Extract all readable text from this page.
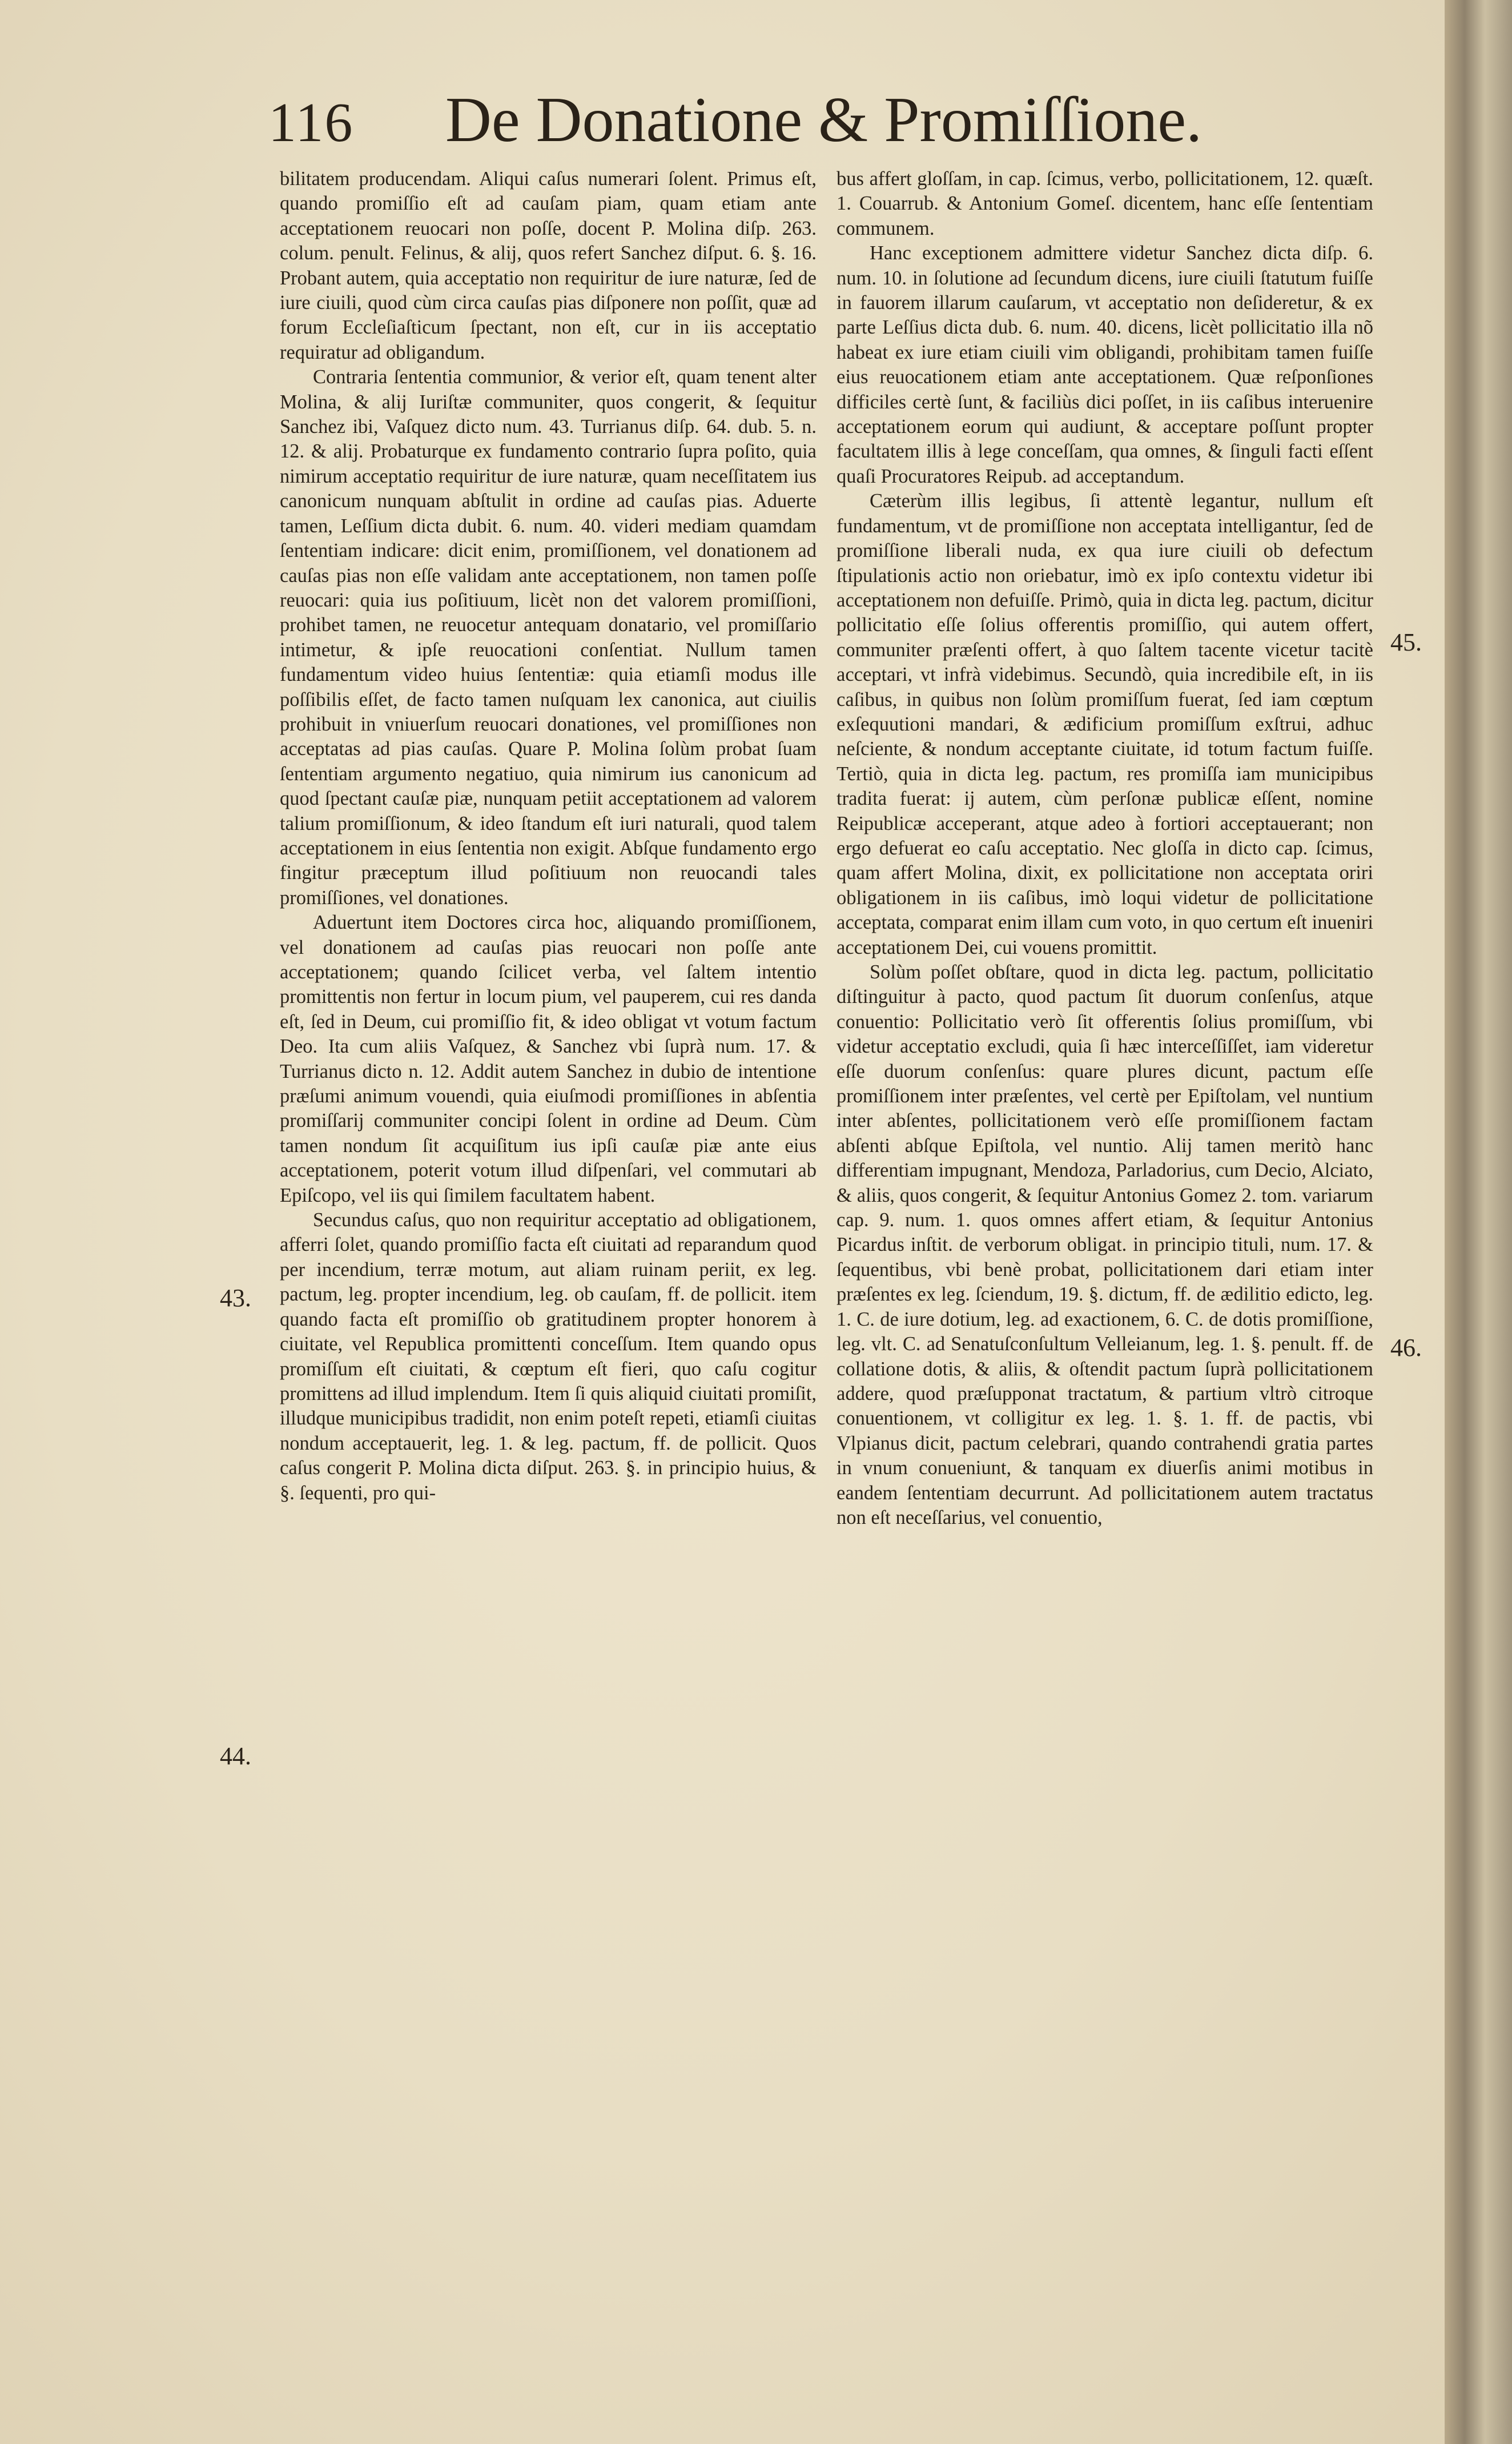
116 De Donatione & Promiſſione.

bilitatem producendam. Aliqui caſus numerari ſolent. Primus eſt, quando promiſſio eſt ad cauſam piam, quam etiam ante acceptationem reuocari non poſſe, docent P. Molina diſp. 263. colum. penult. Felinus, & alij, quos refert Sanchez diſput. 6. §. 16. Probant autem, quia acceptatio non requiritur de iure naturæ, ſed de iure ciuili, quod cùm circa cauſas pias diſponere non poſſit, quæ ad forum Eccleſiaſticum ſpectant, non eſt, cur in iis acceptatio requiratur ad obligandum.

Contraria ſententia communior, & verior eſt, quam tenent alter Molina, & alij Iuriſtæ communiter, quos congerit, & ſequitur Sanchez ibi, Vaſquez dicto num. 43. Turrianus diſp. 64. dub. 5. n. 12. & alij. Probaturque ex fundamento contrario ſupra poſito, quia nimirum acceptatio requiritur de iure naturæ, quam neceſſitatem ius canonicum nunquam abſtulit in ordine ad cauſas pias. Aduerte tamen, Leſſium dicta dubit. 6. num. 40. videri mediam quamdam ſententiam indicare: dicit enim, promiſſionem, vel donationem ad cauſas pias non eſſe validam ante acceptationem, non tamen poſſe reuocari: quia ius poſitiuum, licèt non det valorem promiſſioni, prohibet tamen, ne reuocetur antequam donatario, vel promiſſario intimetur, & ipſe reuocationi conſentiat. Nullum tamen fundamentum video huius ſententiæ: quia etiamſi modus ille poſſibilis eſſet, de facto tamen nuſquam lex canonica, aut ciuilis prohibuit in vniuerſum reuocari donationes, vel promiſſiones non acceptatas ad pias cauſas. Quare P. Molina ſolùm probat ſuam ſententiam argumento negatiuo, quia nimirum ius canonicum ad quod ſpectant cauſæ piæ, nunquam petiit acceptationem ad valorem talium promiſſionum, & ideo ſtandum eſt iuri naturali, quod talem acceptationem in eius ſententia non exigit. Abſque fundamento ergo fingitur præceptum illud poſitiuum non reuocandi tales promiſſiones, vel donationes.

Aduertunt item Doctores circa hoc, aliquando promiſſionem, vel donationem ad cauſas pias reuocari non poſſe ante acceptationem; quando ſcilicet verba, vel ſaltem intentio promittentis non fertur in locum pium, vel pauperem, cui res danda eſt, ſed in Deum, cui promiſſio fit, & ideo obligat vt votum factum Deo. Ita cum aliis Vaſquez, & Sanchez vbi ſuprà num. 17. & Turrianus dicto n. 12. Addit autem Sanchez in dubio de intentione præſumi animum vouendi, quia eiuſmodi promiſſiones in abſentia promiſſarij communiter concipi ſolent in ordine ad Deum. Cùm tamen nondum ſit acquiſitum ius ipſi cauſæ piæ ante eius acceptationem, poterit votum illud diſpenſari, vel commutari ab Epiſcopo, vel iis qui ſimilem facultatem habent.

Secundus caſus, quo non requiritur acceptatio ad obligationem, afferri ſolet, quando promiſſio facta eſt ciuitati ad reparandum quod per incendium, terræ motum, aut aliam ruinam periit, ex leg. pactum, leg. propter incendium, leg. ob cauſam, ff. de pollicit. item quando facta eſt promiſſio ob gratitudinem propter honorem à ciuitate, vel Republica promittenti conceſſum. Item quando opus promiſſum eſt ciuitati, & cœptum eſt fieri, quo caſu cogitur promittens ad illud implendum. Item ſi quis aliquid ciuitati promiſit, illudque municipibus tradidit, non enim poteſt repeti, etiamſi ciuitas nondum acceptauerit, leg. 1. & leg. pactum, ff. de pollicit. Quos caſus congerit P. Molina dicta diſput. 263. §. in principio huius, & §. ſequenti, pro qui-

bus affert gloſſam, in cap. ſcimus, verbo, pollicitationem, 12. quæſt. 1. Couarrub. & Antonium Gomeſ. dicentem, hanc eſſe ſententiam communem.

Hanc exceptionem admittere videtur Sanchez dicta diſp. 6. num. 10. in ſolutione ad ſecundum dicens, iure ciuili ſtatutum fuiſſe in fauorem illarum cauſarum, vt acceptatio non deſideretur, & ex parte Leſſius dicta dub. 6. num. 40. dicens, licèt pollicitatio illa nõ habeat ex iure etiam ciuili vim obligandi, prohibitam tamen fuiſſe eius reuocationem etiam ante acceptationem. Quæ reſponſiones difficiles certè ſunt, & faciliùs dici poſſet, in iis caſibus interuenire acceptationem eorum qui audiunt, & acceptare poſſunt propter facultatem illis à lege conceſſam, qua omnes, & ſinguli facti eſſent quaſi Procuratores Reipub. ad acceptandum.

Cæterùm illis legibus, ſi attentè legantur, nullum eſt fundamentum, vt de promiſſione non acceptata intelligantur, ſed de promiſſione liberali nuda, ex qua iure ciuili ob defectum ſtipulationis actio non oriebatur, imò ex ipſo contextu videtur ibi acceptationem non defuiſſe. Primò, quia in dicta leg. pactum, dicitur pollicitatio eſſe ſolius offerentis promiſſio, qui autem offert, communiter præſenti offert, à quo ſaltem tacente vicetur tacitè acceptari, vt infrà videbimus. Secundò, quia incredibile eſt, in iis caſibus, in quibus non ſolùm promiſſum fuerat, ſed iam cœptum exſequutioni mandari, & ædificium promiſſum exſtrui, adhuc neſciente, & nondum acceptante ciuitate, id totum factum fuiſſe. Tertiò, quia in dicta leg. pactum, res promiſſa iam municipibus tradita fuerat: ij autem, cùm perſonæ publicæ eſſent, nomine Reipublicæ acceperant, atque adeo à fortiori acceptauerant; non ergo defuerat eo caſu acceptatio. Nec gloſſa in dicto cap. ſcimus, quam affert Molina, dixit, ex pollicitatione non acceptata oriri obligationem in iis caſibus, imò loqui videtur de pollicitatione acceptata, comparat enim illam cum voto, in quo certum eſt inueniri acceptationem Dei, cui vouens promittit.

Solùm poſſet obſtare, quod in dicta leg. pactum, pollicitatio diſtinguitur à pacto, quod pactum ſit duorum conſenſus, atque conuentio: Pollicitatio verò ſit offerentis ſolius promiſſum, vbi videtur acceptatio excludi, quia ſi hæc interceſſiſſet, iam videretur eſſe duorum conſenſus: quare plures dicunt, pactum eſſe promiſſionem inter præſentes, vel certè per Epiſtolam, vel nuntium inter abſentes, pollicitationem verò eſſe promiſſionem factam abſenti abſque Epiſtola, vel nuntio. Alij tamen meritò hanc differentiam impugnant, Mendoza, Parladorius, cum Decio, Alciato, & aliis, quos congerit, & ſequitur Antonius Gomez 2. tom. variarum cap. 9. num. 1. quos omnes affert etiam, & ſequitur Antonius Picardus inſtit. de verborum obligat. in principio tituli, num. 17. & ſequentibus, vbi benè probat, pollicitationem dari etiam inter præſentes ex leg. ſciendum, 19. §. dictum, ff. de ædilitio edicto, leg. 1. C. de iure dotium, leg. ad exactionem, 6. C. de dotis promiſſione, leg. vlt. C. ad Senatuſconſultum Velleianum, leg. 1. §. penult. ff. de collatione dotis, & aliis, & oſtendit pactum ſuprà pollicitationem addere, quod præſupponat tractatum, & partium vltrò citroque conuentionem, vt colligitur ex leg. 1. §. 1. ff. de pactis, vbi Vlpianus dicit, pactum celebrari, quando contrahendi gratia partes in vnum conueniunt, & tanquam ex diuerſis animi motibus in eandem ſententiam decurrunt. Ad pollicitationem autem tractatus non eſt neceſſarius, vel conuentio,

43.
44.
45.
46.
